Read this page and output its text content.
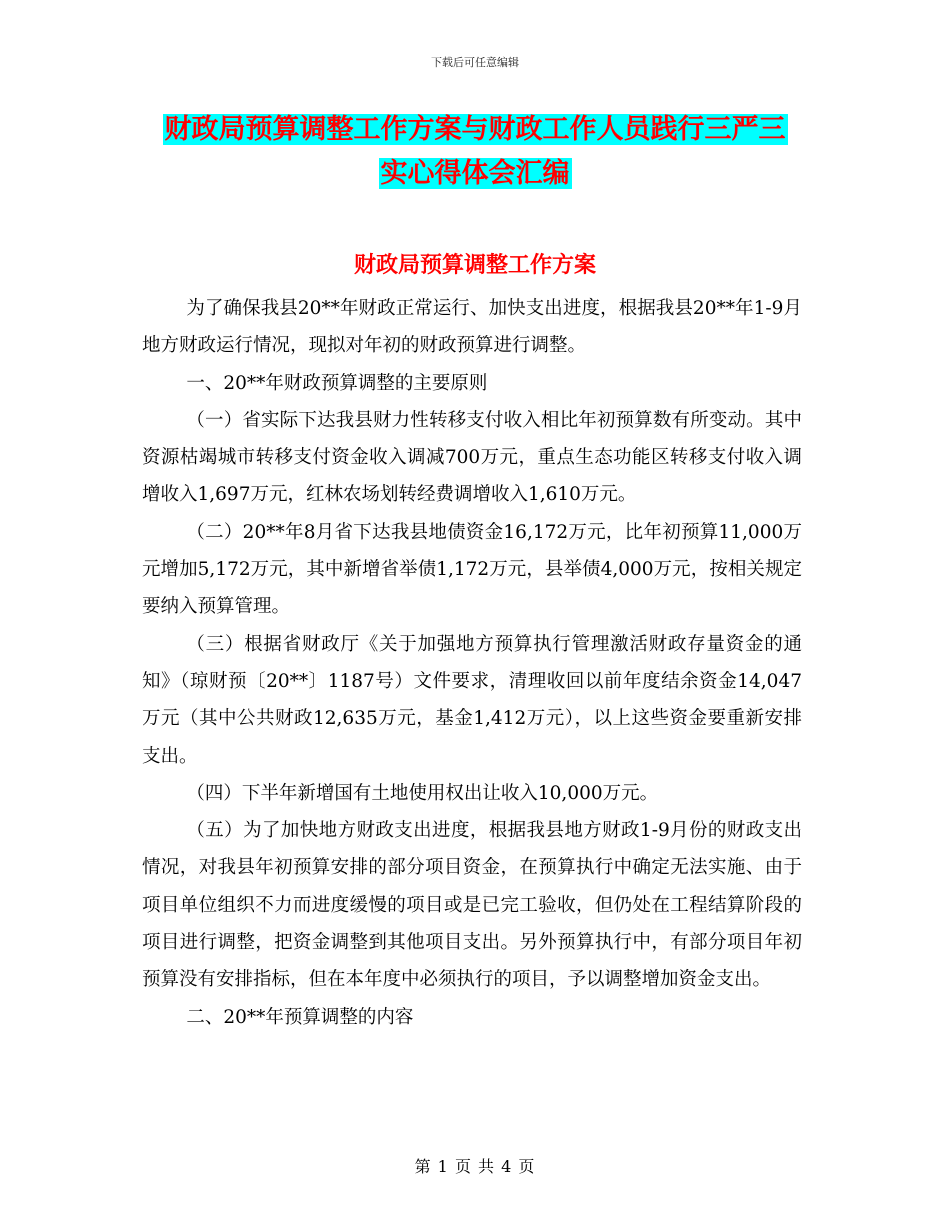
下载后可任意编辑
财政局预算调整工作方案与财政工作人员践行三严三
实心得体会汇编
财政局预算调整工作方案

为了确保我县20**年财政正常运行、加快支出进度，根据我县20**年1-9月地方财政运行情况，现拟对年初的财政预算进行调整。

一、20**年财政预算调整的主要原则

（一）省实际下达我县财力性转移支付收入相比年初预算数有所变动。其中资源枯竭城市转移支付资金收入调减700万元，重点生态功能区转移支付收入调增收入1,697万元，红林农场划转经费调增收入1,610万元。

（二）20**年8月省下达我县地债资金16,172万元，比年初预算11,000万元增加5,172万元，其中新增省举债1,172万元，县举债4,000万元，按相关规定要纳入预算管理。

（三）根据省财政厅《关于加强地方预算执行管理激活财政存量资金的通知》（琼财预〔20**〕1187号）文件要求，清理收回以前年度结余资金14,047万元（其中公共财政12,635万元，基金1,412万元），以上这些资金要重新安排支出。

（四）下半年新增国有土地使用权出让收入10,000万元。

（五）为了加快地方财政支出进度，根据我县地方财政1-9月份的财政支出情况，对我县年初预算安排的部分项目资金，在预算执行中确定无法实施、由于项目单位组织不力而进度缓慢的项目或是已完工验收，但仍处在工程结算阶段的项目进行调整，把资金调整到其他项目支出。另外预算执行中，有部分项目年初预算没有安排指标，但在本年度中必须执行的项目，予以调整增加资金支出。

二、20**年预算调整的内容

第 1 页 共 4 页
